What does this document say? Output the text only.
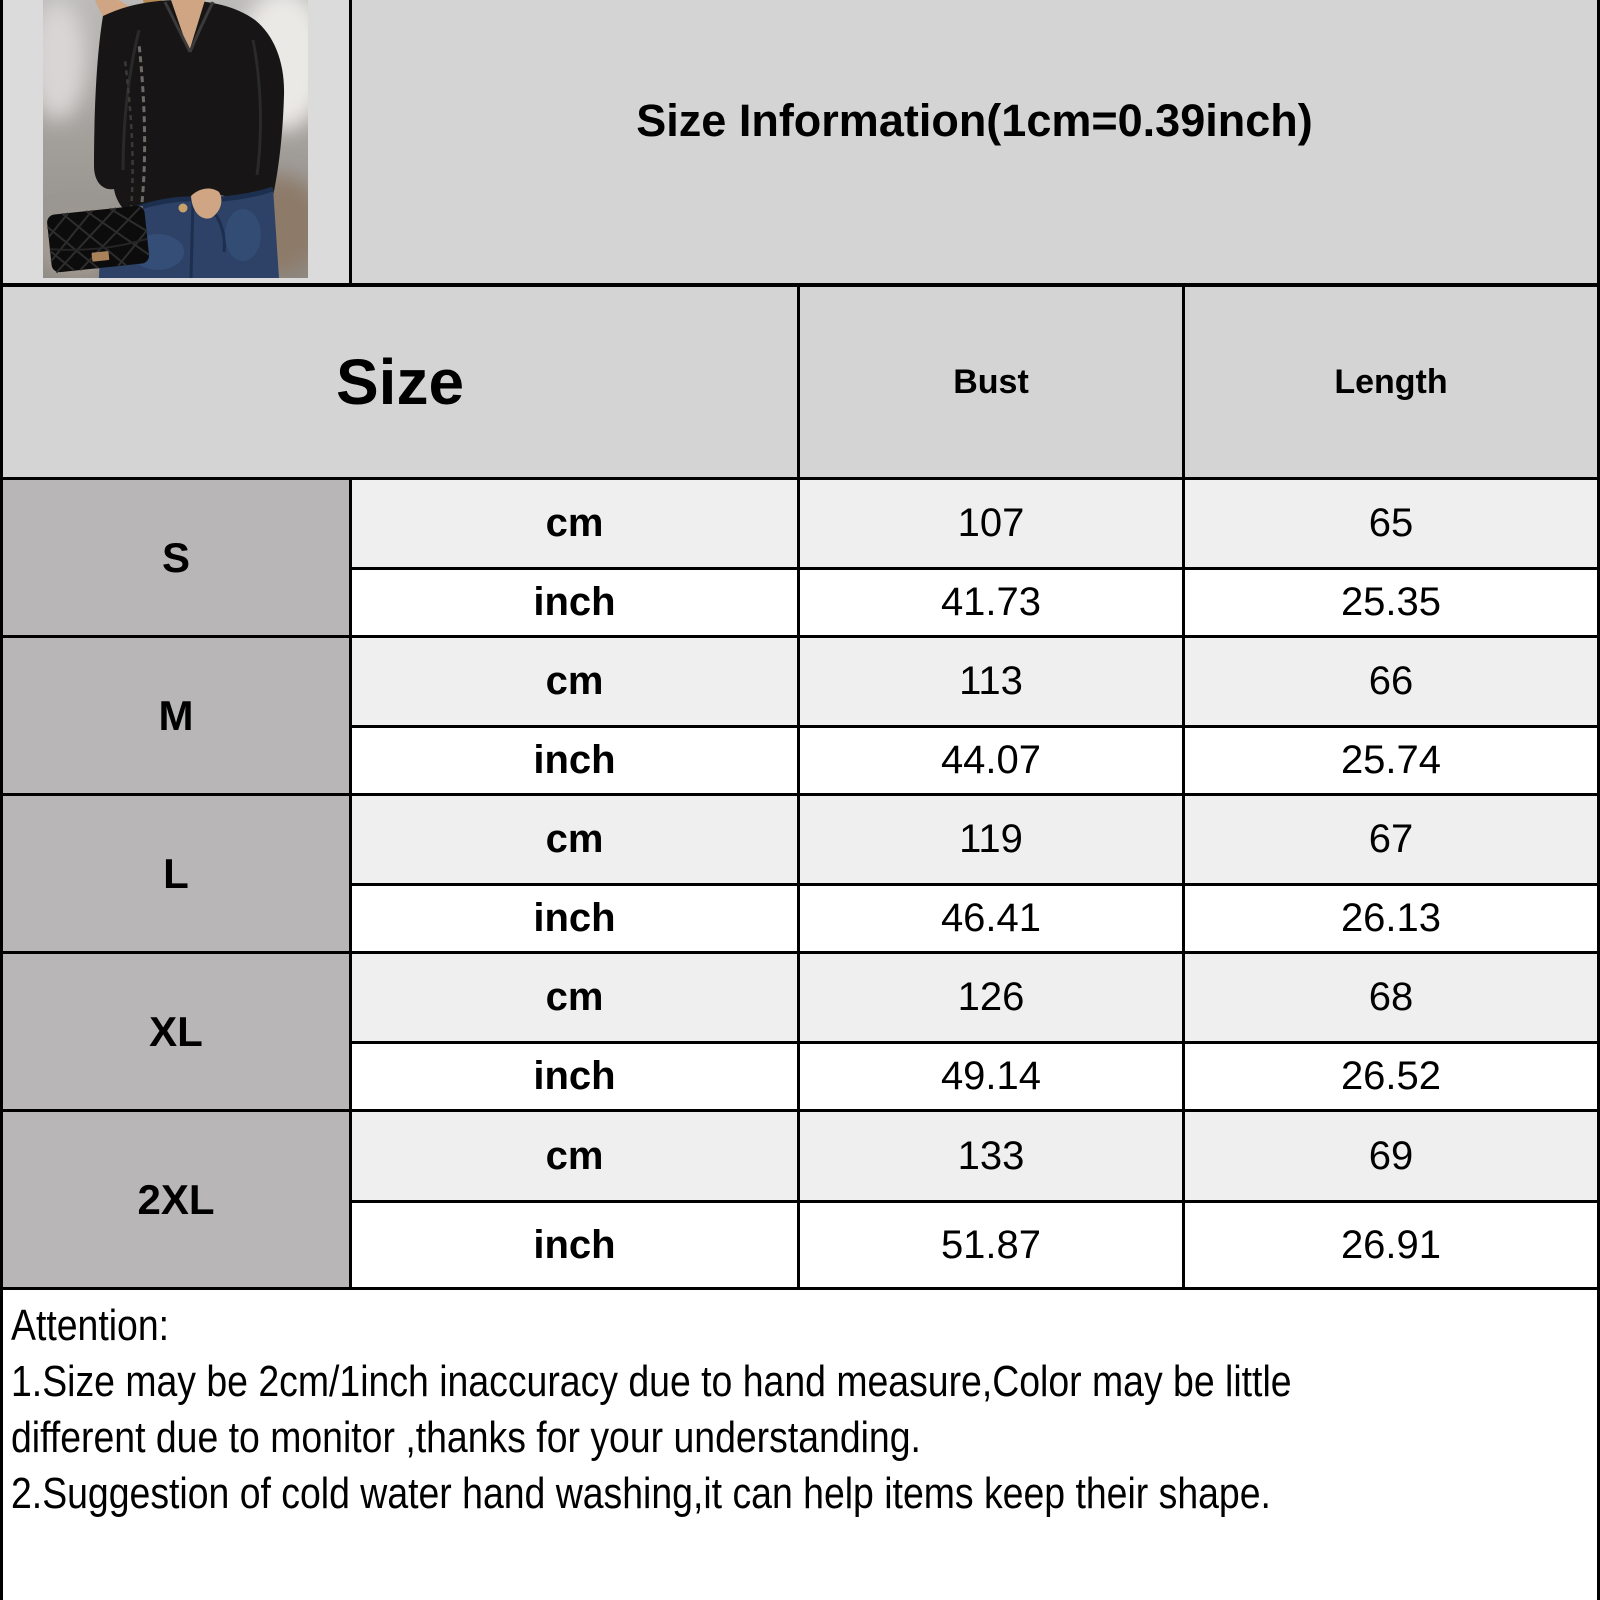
Size Information(1cm=0.39inch)
Size	Bust	Length
S
cm	107	65
inch	41.73	25.35
M
cm	113	66
inch	44.07	25.74
L
cm	119	67
inch	46.41	26.13
XL
cm	126	68
inch	49.14	26.52
2XL
cm	133	69
inch	51.87	26.91
Attention:
1.Size may be 2cm/1inch inaccuracy due to hand measure,Color may be little
different due to monitor ,thanks for your understanding.
2.Suggestion of cold water hand washing,it can help items keep their shape.
